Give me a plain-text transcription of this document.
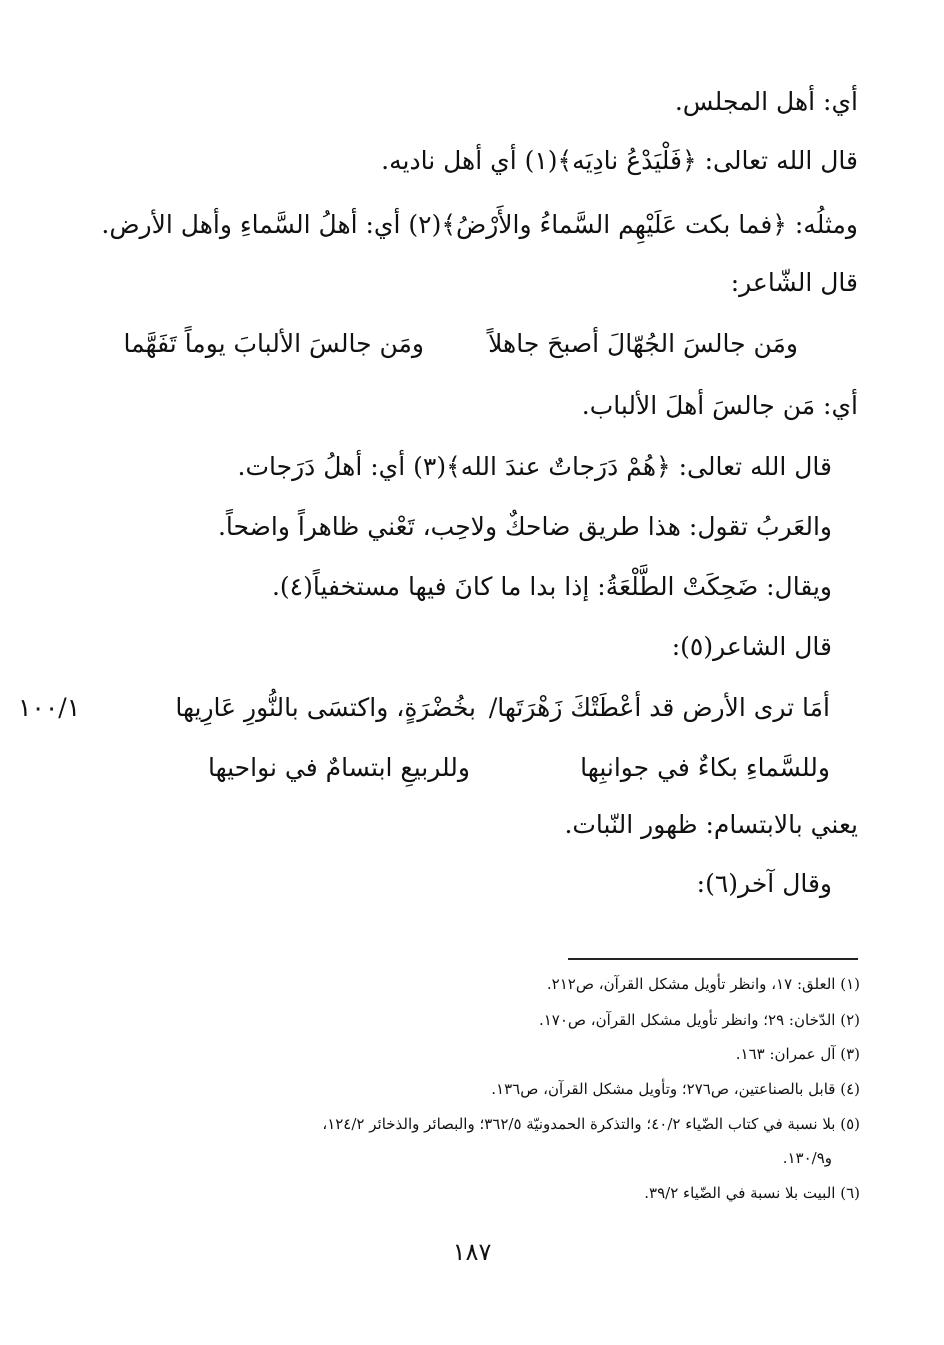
أي: أهل المجلس.
قال الله تعالى: ﴿فَلْيَدْعُ نادِيَه﴾(١) أي أهل ناديه.
ومثلُه: ﴿فما بكت عَلَيْهِم السَّماءُ والأَرْضُ﴾(٢) أي: أهلُ السَّماءِ وأهل الأرض.
قال الشّاعر:
ومَن جالسَ الجُهّالَ أصبحَ جاهلاً
ومَن جالسَ الألبابَ يوماً تَفَهَّما
أي: مَن جالسَ أهلَ الألباب.
قال الله تعالى: ﴿هُمْ دَرَجاتٌ عندَ الله﴾(٣) أي: أهلُ دَرَجات.
والعَربُ تقول: هذا طريق ضاحكٌ ولاحِب، تَعْني ظاهراً واضحاً.
ويقال: ضَحِكَتْ الطَّلْعَةُ: إذا بدا ما كانَ فيها مستخفياً(٤).
قال الشاعر(٥):
أمَا ترى الأرض قد أعْطَتْكَ زَهْرَتَها/
بخُضْرَةٍ، واكتسَى بالنُّورِ عَارِيها
١٠٠/١
وللسَّماءِ بكاءٌ في جوانبِها
وللربيعِ ابتسامٌ في نواحيها
يعني بالابتسام: ظهور النّبات.
وقال آخر(٦):
(١) العلق: ١٧، وانظر تأويل مشكل القرآن، ص٢١٢.
(٢) الدّخان: ٢٩؛ وانظر تأويل مشكل القرآن، ص١٧٠.
(٣) آل عمران: ١٦٣.
(٤) قابل بالصناعتين، ص٢٧٦؛ وتأويل مشكل القرآن، ص١٣٦.
(٥) بلا نسبة في كتاب الضّياء ٤٠/٢؛ والتذكرة الحمدونيّة ٣٦٢/٥؛ والبصائر والذخائر ١٢٤/٢،
و١٣٠/٩.
(٦) البيت بلا نسبة في الضّياء ٣٩/٢.
١٨٧
